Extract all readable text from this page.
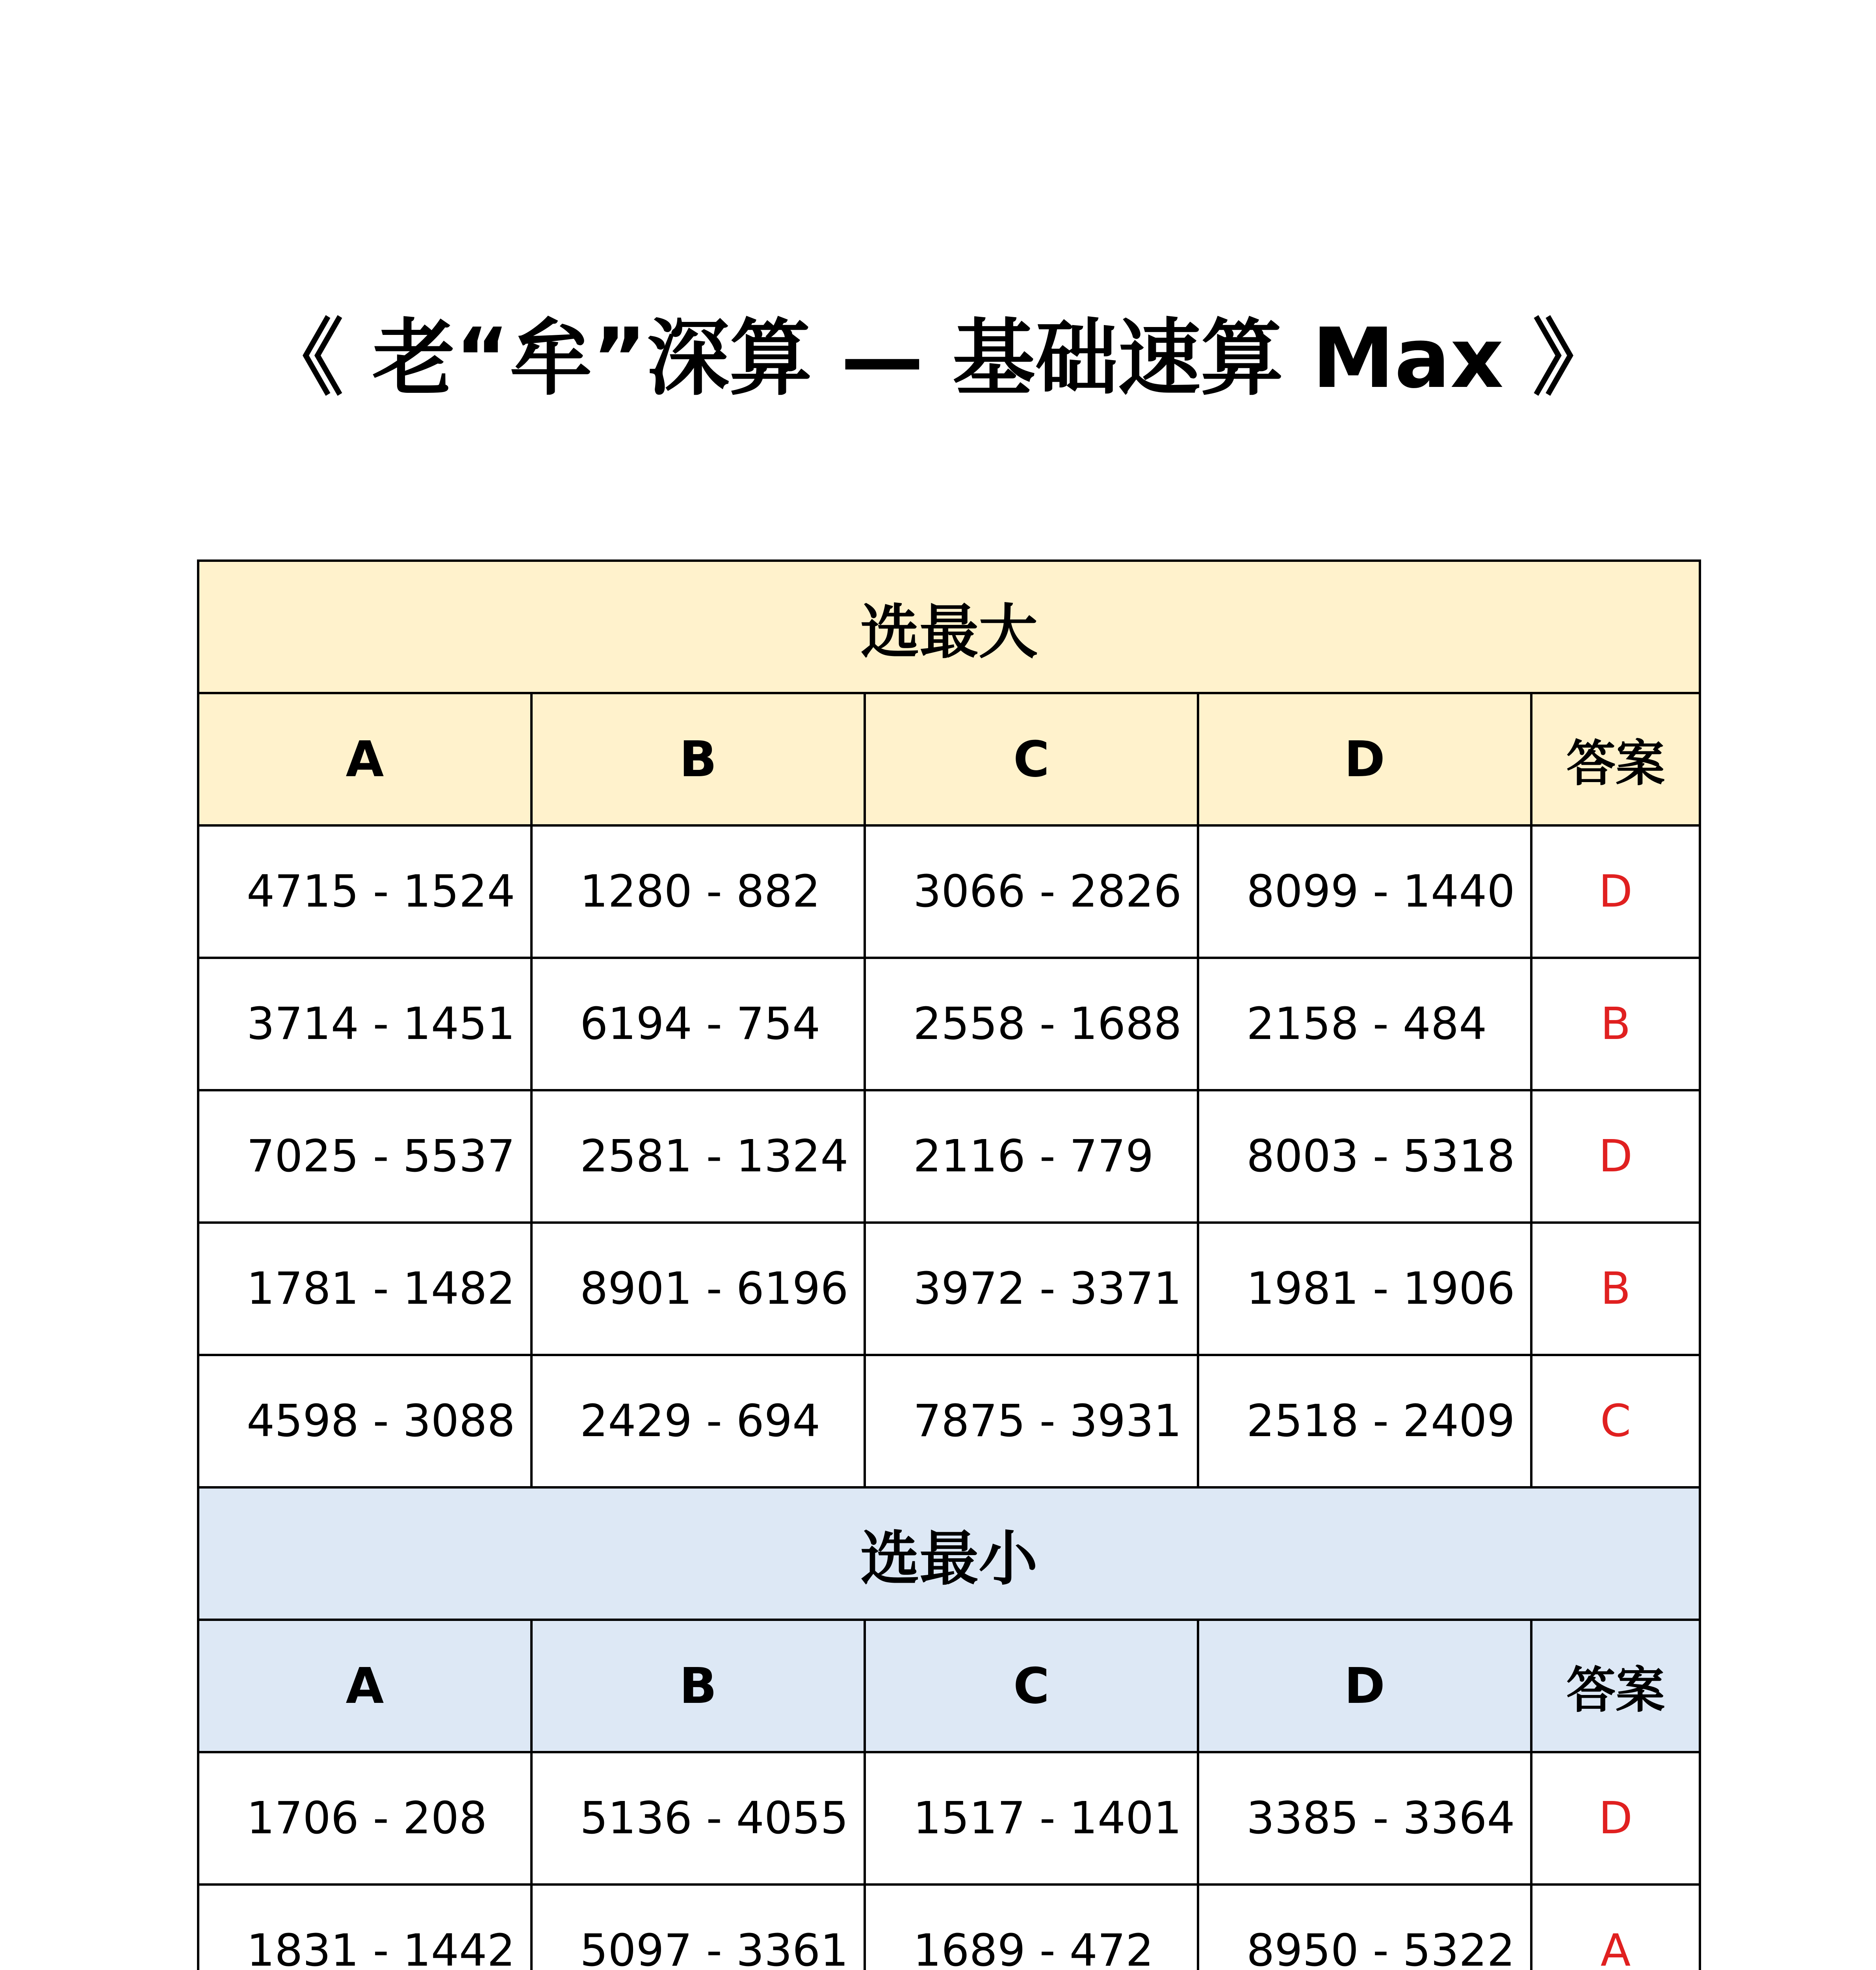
《 老“牟”深算 — 基础速算 Max 》
选最大				
A	B	C	D	答案
4715 - 1524	1280 - 882	3066 - 2826	8099 - 1440	D
3714 - 1451	6194 - 754	2558 - 1688	2158 - 484	B
7025 - 5537	2581 - 1324	2116 - 779	8003 - 5318	D
1781 - 1482	8901 - 6196	3972 - 3371	1981 - 1906	B
4598 - 3088	2429 - 694	7875 - 3931	2518 - 2409	C
选最小				
A	B	C	D	答案
1706 - 208	5136 - 4055	1517 - 1401	3385 - 3364	D
1831 - 1442	5097 - 3361	1689 - 472	8950 - 5322	A
